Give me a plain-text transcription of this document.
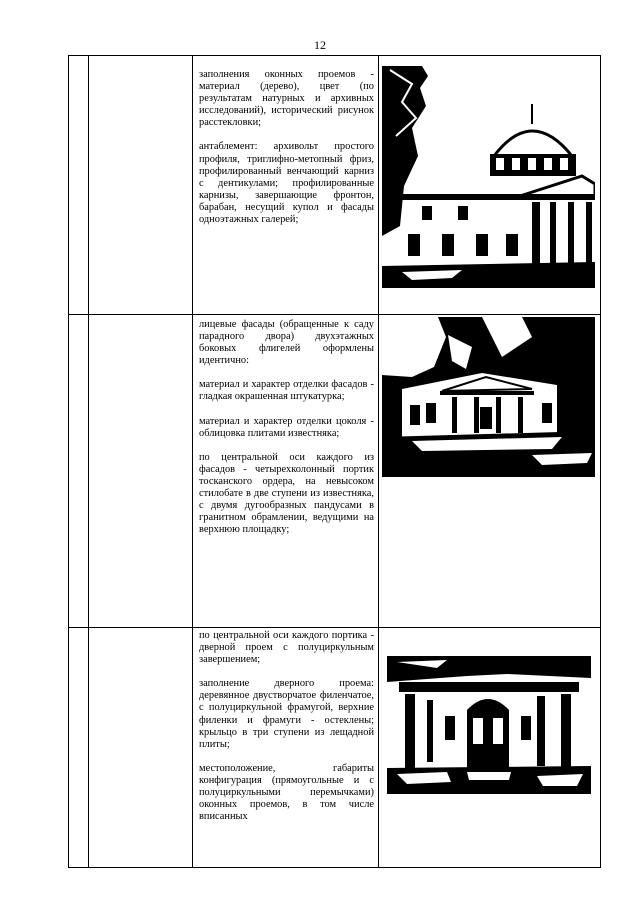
12

		заполнения оконных проемов - материал (дерево), цвет (по результатам натурных и архивных исследований), исторический рисунок расстекловки;

антаблемент: архивольт простого профиля, триглифно-метопный фриз, профилированный венчающий карниз с дентикулами; профилированные карнизы, завершающие фронтон, барабан, несущий купол и фасады одноэтажных галерей;

		лицевые фасады (обращенные к саду парадного двора) двухэтажных боковых флигелей оформлены идентично:

материал и характер отделки фасадов - гладкая окрашенная штукатурка;

материал и характер отделки цоколя - облицовка плитами известняка;

по центральной оси каждого из фасадов - четырехколонный портик тосканского ордера, на невысоком стилобате в две ступени из известняка, с двумя дугообразных пандусами в гранитном обрамлении, ведущими на верхнюю площадку;

		по центральной оси каждого портика - дверной проем с полуциркульным завершением;

заполнение дверного проема: деревянное двустворчатое филенчатое, с полуциркульной фрамугой, верхние филенки и фрамуги - остеклены; крыльцо в три ступени из лещадной плиты;

местоположение, габариты конфигурация (прямоугольные и с полуциркульными перемычками) оконных проемов, в том числе вписанных
